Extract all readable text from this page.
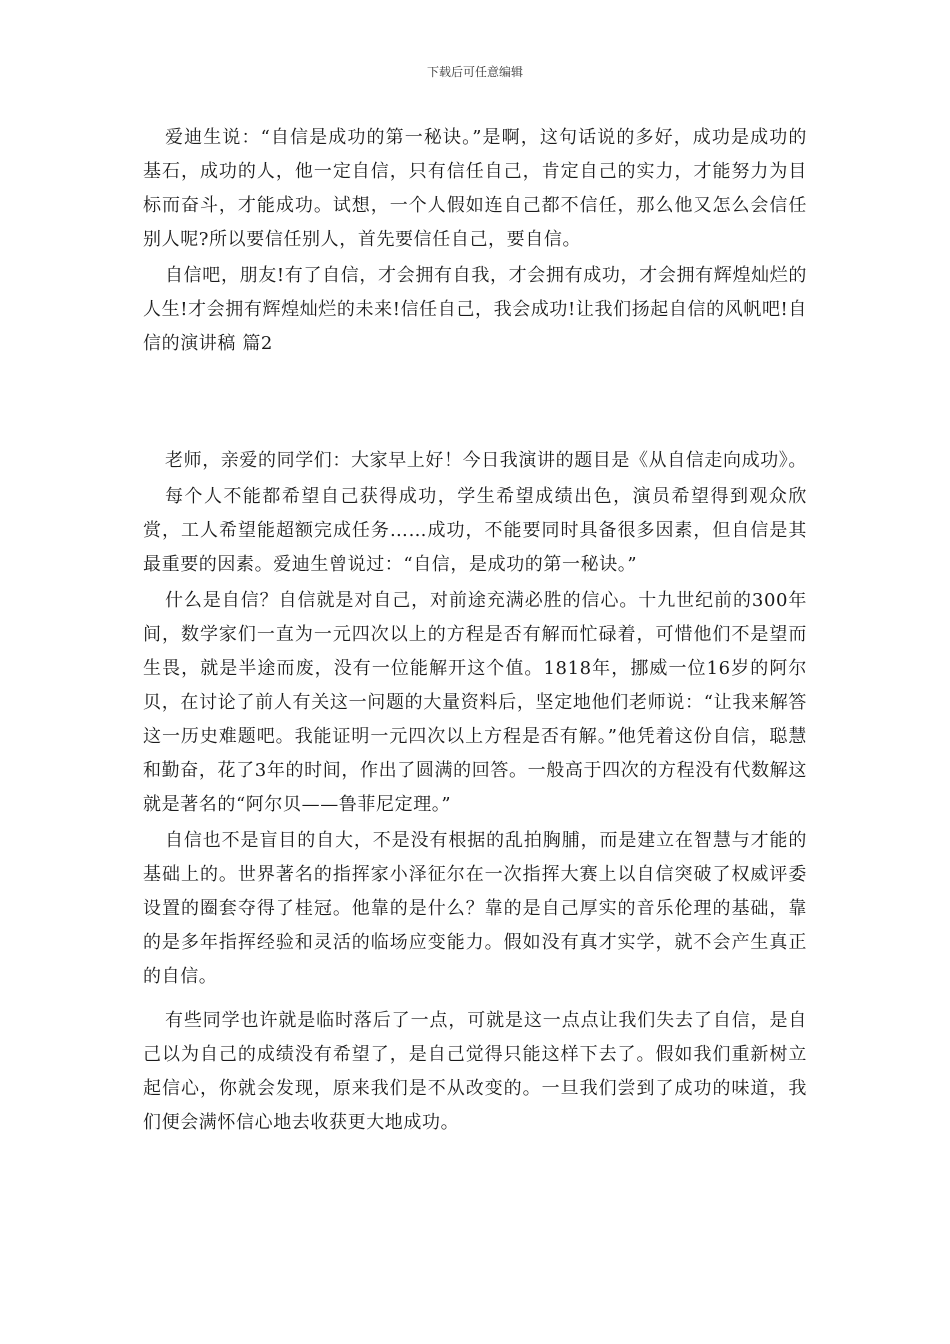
下载后可任意编辑

爱迪生说：“自信是成功的第一秘诀。”是啊，这句话说的多好，成功是成功的基石，成功的人，他一定自信，只有信任自己，肯定自己的实力，才能努力为目标而奋斗，才能成功。试想，一个人假如连自己都不信任，那么他又怎么会信任别人呢?所以要信任别人，首先要信任自己，要自信。

自信吧，朋友!有了自信，才会拥有自我，才会拥有成功，才会拥有辉煌灿烂的人生!才会拥有辉煌灿烂的未来!信任自己，我会成功!让我们扬起自信的风帆吧!自信的演讲稿 篇2

老师，亲爱的同学们：大家早上好！今日我演讲的题目是《从自信走向成功》。

每个人不能都希望自己获得成功，学生希望成绩出色，演员希望得到观众欣赏，工人希望能超额完成任务……成功，不能要同时具备很多因素，但自信是其最重要的因素。爱迪生曾说过：“自信，是成功的第一秘诀。”

什么是自信？自信就是对自己，对前途充满必胜的信心。十九世纪前的300年间，数学家们一直为一元四次以上的方程是否有解而忙碌着，可惜他们不是望而生畏，就是半途而废，没有一位能解开这个值。1818年，挪威一位16岁的阿尔贝，在讨论了前人有关这一问题的大量资料后，坚定地他们老师说：“让我来解答这一历史难题吧。我能证明一元四次以上方程是否有解。”他凭着这份自信，聪慧和勤奋，花了3年的时间，作出了圆满的回答。一般高于四次的方程没有代数解这就是著名的“阿尔贝——鲁菲尼定理。”

自信也不是盲目的自大，不是没有根据的乱拍胸脯，而是建立在智慧与才能的基础上的。世界著名的指挥家小泽征尔在一次指挥大赛上以自信突破了权威评委设置的圈套夺得了桂冠。他靠的是什么？靠的是自己厚实的音乐伦理的基础，靠的是多年指挥经验和灵活的临场应变能力。假如没有真才实学，就不会产生真正的自信。

有些同学也许就是临时落后了一点，可就是这一点点让我们失去了自信，是自己以为自己的成绩没有希望了，是自己觉得只能这样下去了。假如我们重新树立起信心，你就会发现，原来我们是不从改变的。一旦我们尝到了成功的味道，我们便会满怀信心地去收获更大地成功。
